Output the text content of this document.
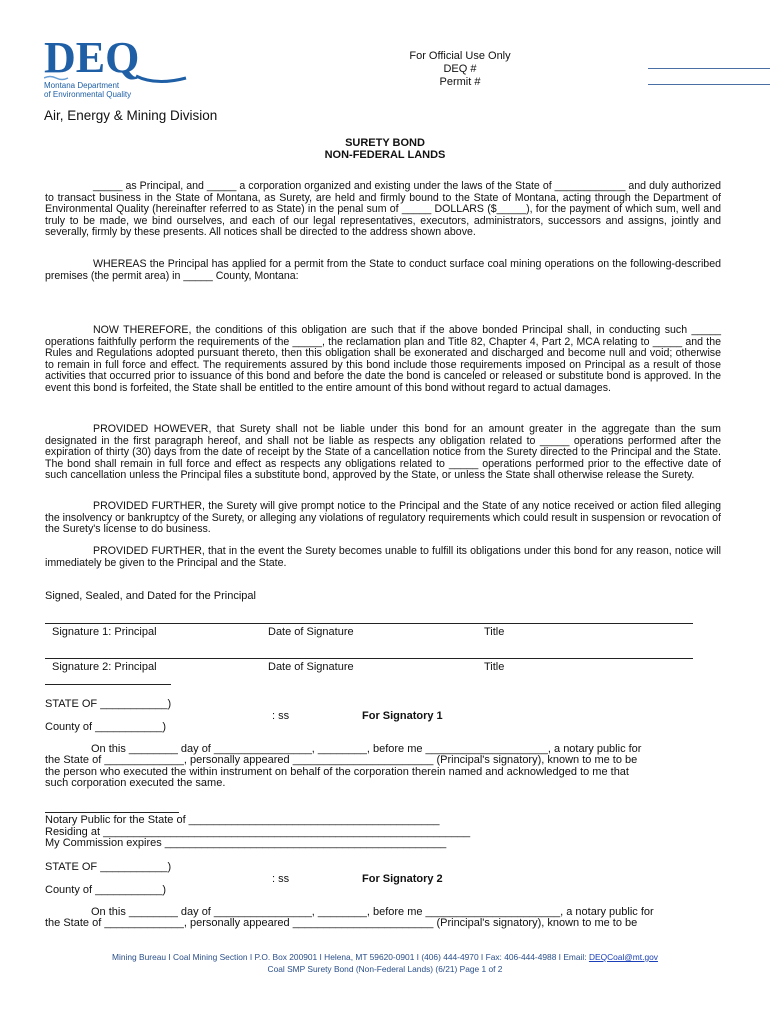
DEQ
Montana Department
of Environmental Quality
For Official Use Only
DEQ #
Permit #
Air, Energy & Mining Division
SURETY BOND
NON-FEDERAL LANDS
_____ as Principal, and _____ a corporation organized and existing under the laws of the State of ____________ and duly authorized to transact business in the State of Montana, as Surety, are held and firmly bound to the State of Montana, acting through the Department of Environmental Quality (hereinafter referred to as State) in the penal sum of _____ DOLLARS ($_____), for the payment of which sum, well and truly to be made, we bind ourselves, and each of our legal representatives, executors, administrators, successors and assigns, jointly and severally, firmly by these presents. All notices shall be directed to the address shown above.
WHEREAS the Principal has applied for a permit from the State to conduct surface coal mining operations on the following-described premises (the permit area) in _____ County, Montana:
NOW THEREFORE, the conditions of this obligation are such that if the above bonded Principal shall, in conducting such _____ operations faithfully perform the requirements of the _____, the reclamation plan and Title 82, Chapter 4, Part 2, MCA relating to _____ and the Rules and Regulations adopted pursuant thereto, then this obligation shall be exonerated and discharged and become null and void; otherwise to remain in full force and effect. The requirements assured by this bond include those requirements imposed on Principal as a result of those activities that occurred prior to issuance of this bond and before the date the bond is canceled or released or substitute bond is approved. In the event this bond is forfeited, the State shall be entitled to the entire amount of this bond without regard to actual damages.
PROVIDED HOWEVER, that Surety shall not be liable under this bond for an amount greater in the aggregate than the sum designated in the first paragraph hereof, and shall not be liable as respects any obligation related to _____ operations performed after the expiration of thirty (30) days from the date of receipt by the State of a cancellation notice from the Surety directed to the Principal and the State. The bond shall remain in full force and effect as respects any obligations related to _____ operations performed prior to the effective date of such cancellation unless the Principal files a substitute bond, approved by the State, or unless the State shall otherwise release the Surety.
PROVIDED FURTHER, the Surety will give prompt notice to the Principal and the State of any notice received or action filed alleging the insolvency or bankruptcy of the Surety, or alleging any violations of regulatory requirements which could result in suspension or revocation of the Surety's license to do business.
PROVIDED FURTHER, that in the event the Surety becomes unable to fulfill its obligations under this bond for any reason, notice will immediately be given to the Principal and the State.
Signed, Sealed, and Dated for the Principal
Signature 1: Principal	Date of Signature	Title
Signature 2: Principal	Date of Signature	Title
STATE OF ___________)
: ss	For Signatory 1
County of ___________)
On this ________ day of ________________, ________, before me ____________________, a notary public for
the State of _____________, personally appeared _______________________ (Principal's signatory), known to me to be
the person who executed the within instrument on behalf of the corporation therein named and acknowledged to me that
such corporation executed the same.
Notary Public for the State of _________________________________________
Residing at ____________________________________________________________
My Commission expires ______________________________________________
STATE OF ___________)
: ss	For Signatory 2
County of ___________)
On this ________ day of ________________, ________, before me ______________________, a notary public for
the State of _____________, personally appeared _______________________ (Principal's signatory), known to me to be
Mining Bureau I Coal Mining Section I P.O. Box 200901 I Helena, MT 59620-0901 I (406) 444-4970 I Fax: 406-444-4988 I Email: DEQCoal@mt.gov
Coal SMP Surety Bond (Non-Federal Lands) (6/21) Page 1 of 2
